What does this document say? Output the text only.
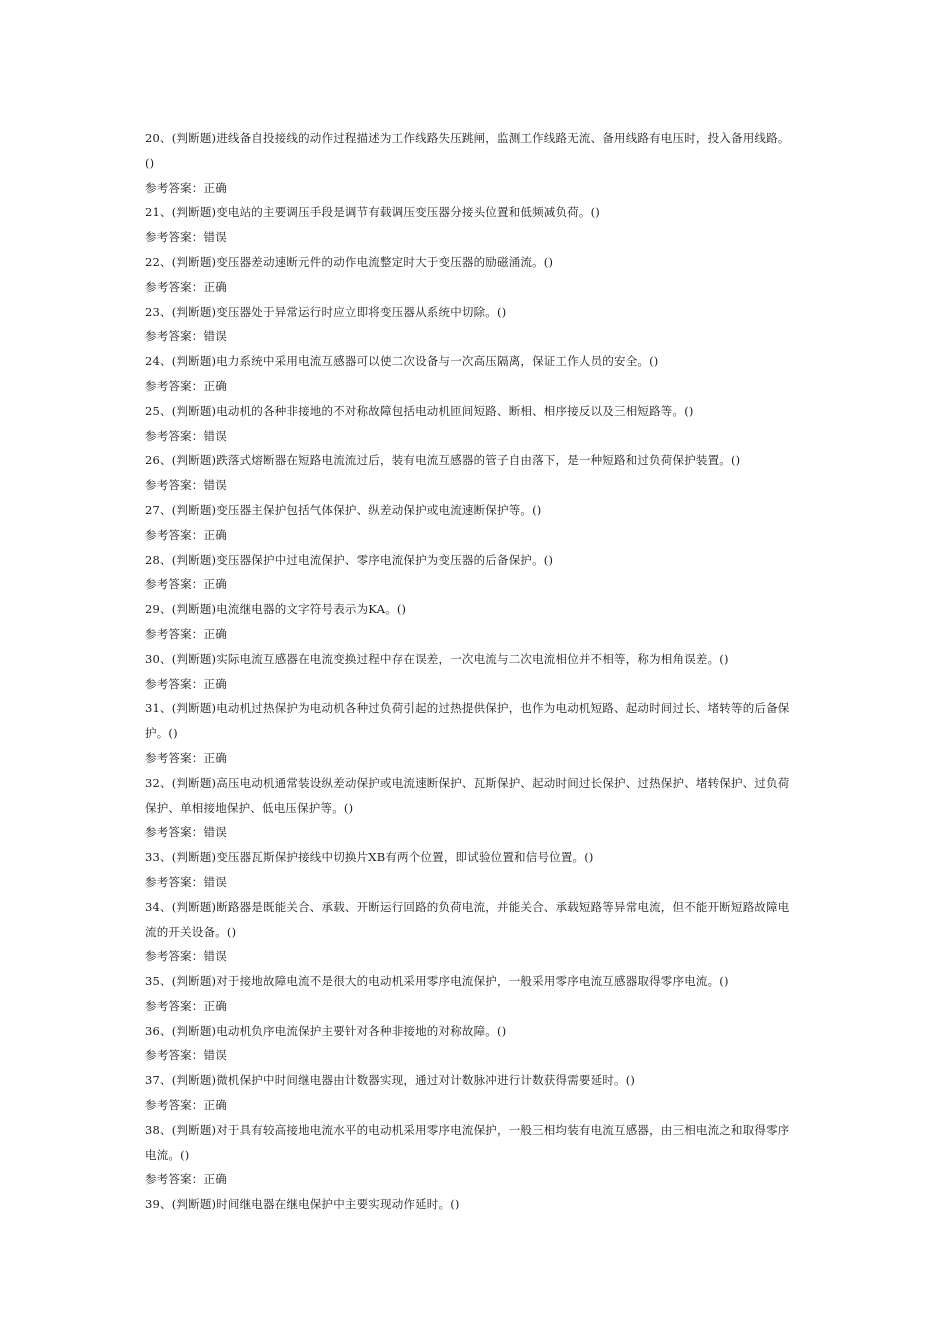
20、(判断题)进线备自投接线的动作过程描述为工作线路失压跳闸，监测工作线路无流、备用线路有电压时，投入备用线路。
()
参考答案：正确
21、(判断题)变电站的主要调压手段是调节有载调压变压器分接头位置和低频减负荷。()
参考答案：错误
22、(判断题)变压器差动速断元件的动作电流整定时大于变压器的励磁涌流。()
参考答案：正确
23、(判断题)变压器处于异常运行时应立即将变压器从系统中切除。()
参考答案：错误
24、(判断题)电力系统中采用电流互感器可以使二次设备与一次高压隔离，保证工作人员的安全。()
参考答案：正确
25、(判断题)电动机的各种非接地的不对称故障包括电动机匝间短路、断相、相序接反以及三相短路等。()
参考答案：错误
26、(判断题)跌落式熔断器在短路电流流过后，装有电流互感器的管子自由落下，是一种短路和过负荷保护装置。()
参考答案：错误
27、(判断题)变压器主保护包括气体保护、纵差动保护或电流速断保护等。()
参考答案：正确
28、(判断题)变压器保护中过电流保护、零序电流保护为变压器的后备保护。()
参考答案：正确
29、(判断题)电流继电器的文字符号表示为KA。()
参考答案：正确
30、(判断题)实际电流互感器在电流变换过程中存在误差，一次电流与二次电流相位并不相等，称为相角误差。()
参考答案：正确
31、(判断题)电动机过热保护为电动机各种过负荷引起的过热提供保护，也作为电动机短路、起动时间过长、堵转等的后备保
护。()
参考答案：正确
32、(判断题)高压电动机通常装设纵差动保护或电流速断保护、瓦斯保护、起动时间过长保护、过热保护、堵转保护、过负荷
保护、单相接地保护、低电压保护等。()
参考答案：错误
33、(判断题)变压器瓦斯保护接线中切换片XB有两个位置，即试验位置和信号位置。()
参考答案：错误
34、(判断题)断路器是既能关合、承载、开断运行回路的负荷电流，并能关合、承载短路等异常电流，但不能开断短路故障电
流的开关设备。()
参考答案：错误
35、(判断题)对于接地故障电流不是很大的电动机采用零序电流保护，一般采用零序电流互感器取得零序电流。()
参考答案：正确
36、(判断题)电动机负序电流保护主要针对各种非接地的对称故障。()
参考答案：错误
37、(判断题)微机保护中时间继电器由计数器实现，通过对计数脉冲进行计数获得需要延时。()
参考答案：正确
38、(判断题)对于具有较高接地电流水平的电动机采用零序电流保护，一般三相均装有电流互感器，由三相电流之和取得零序
电流。()
参考答案：正确
39、(判断题)时间继电器在继电保护中主要实现动作延时。()
